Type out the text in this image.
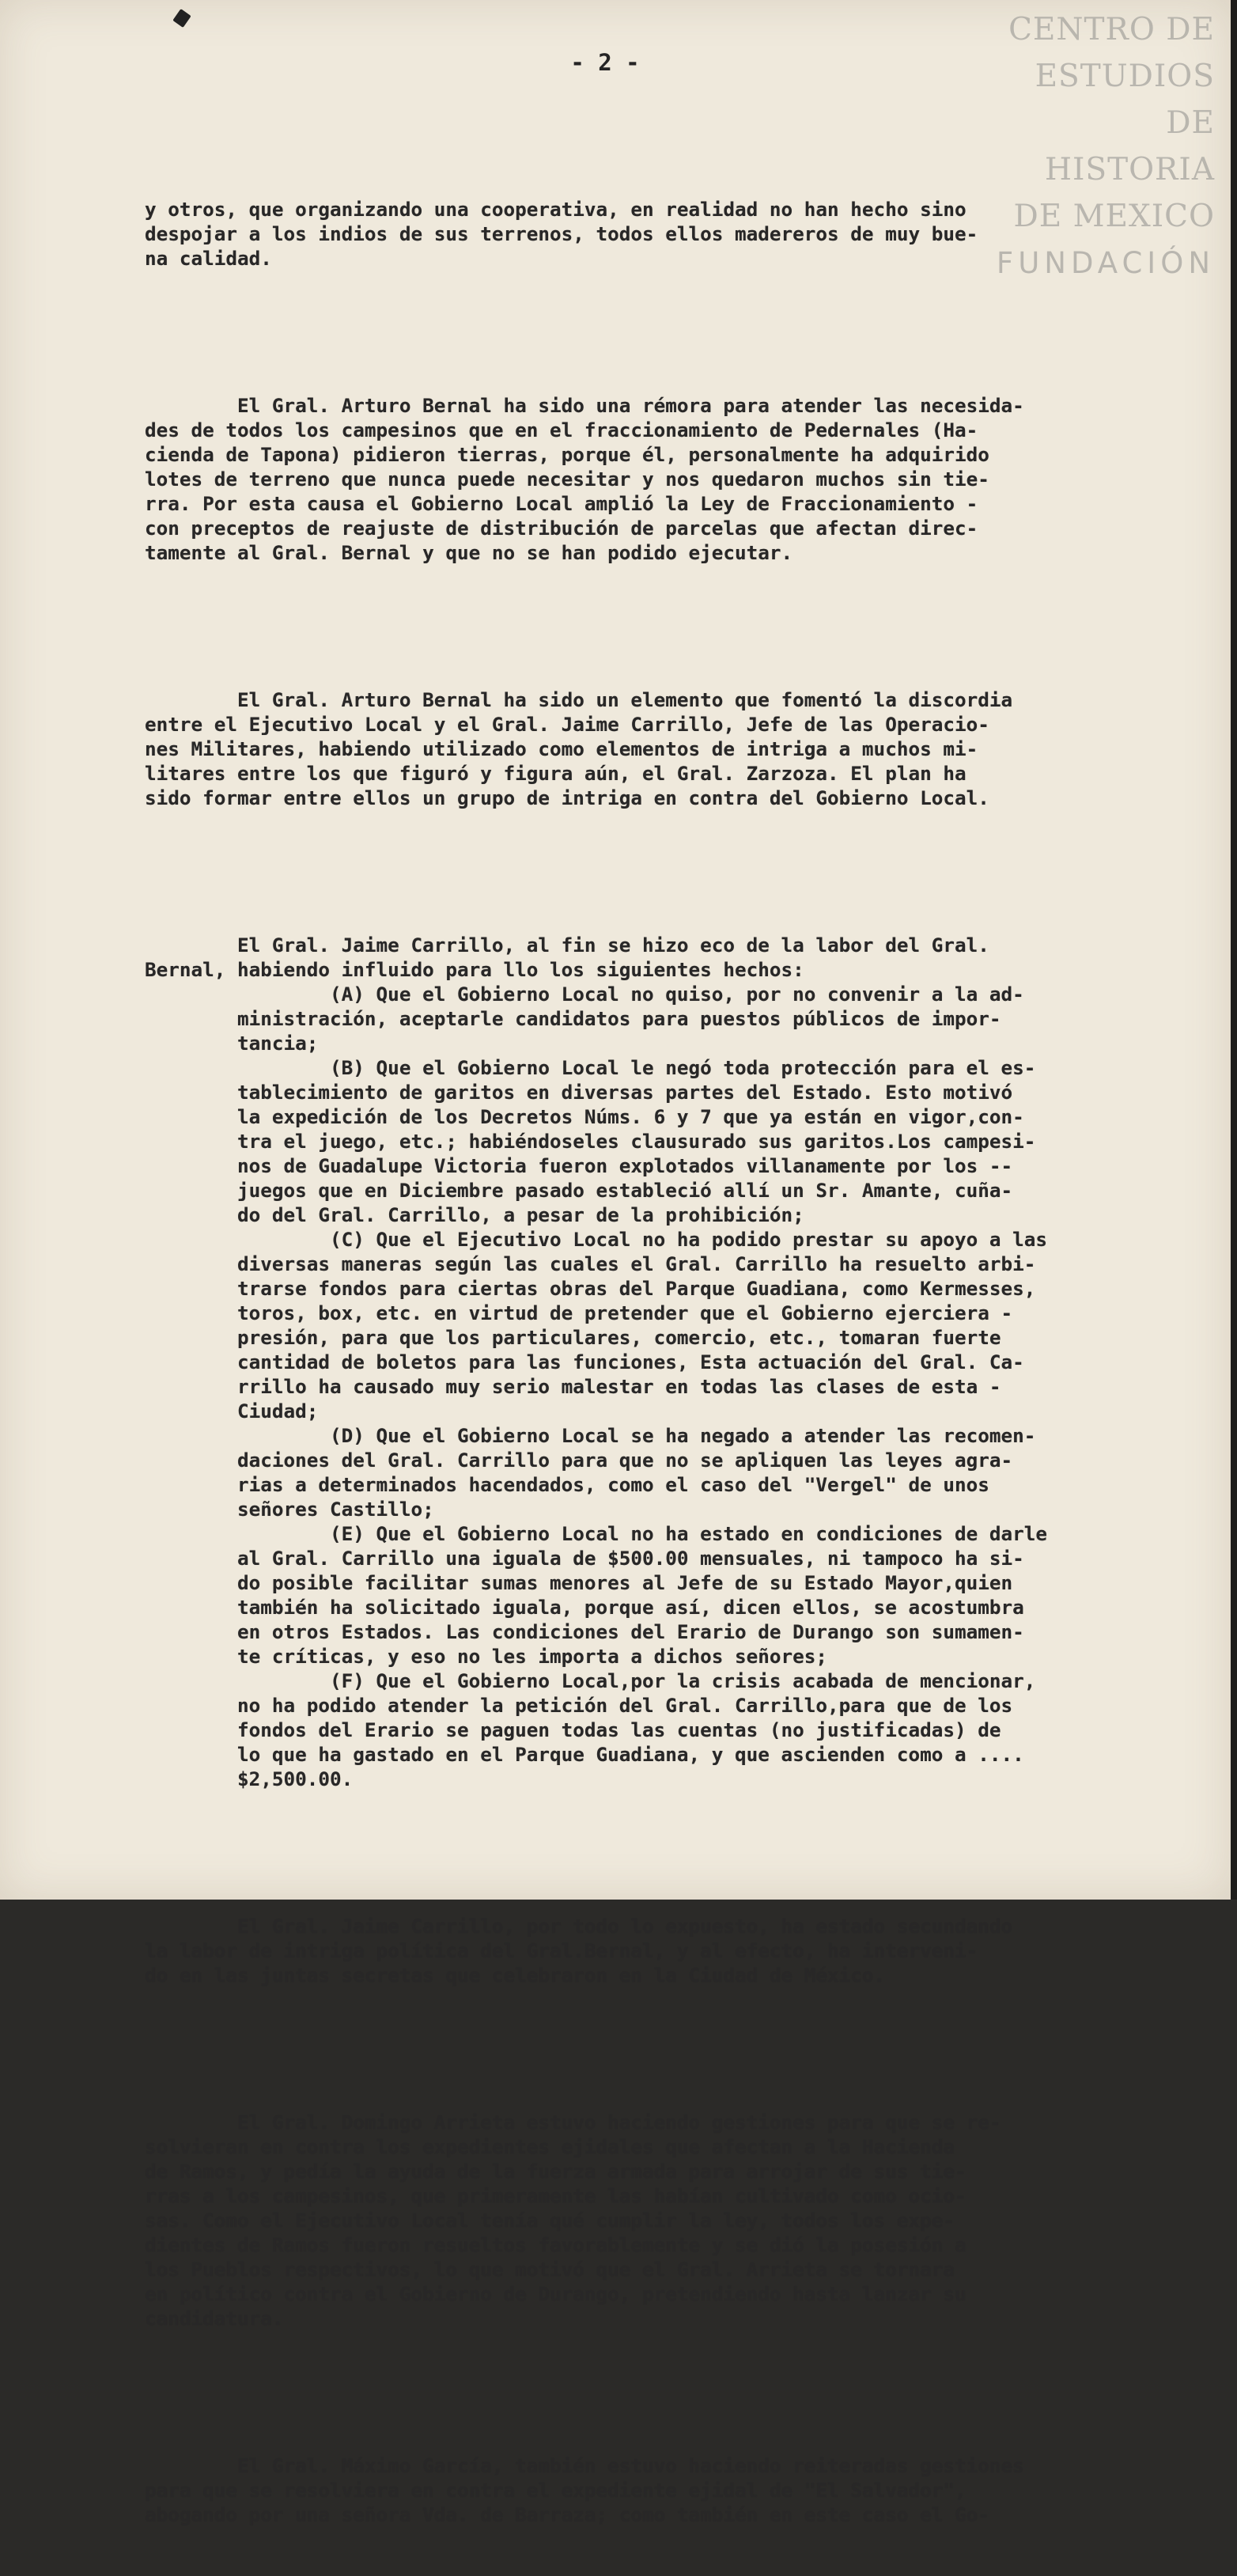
CENTRO DE
ESTUDIOS
DE HISTORIA
DE MEXICO
FUNDACIÓN
- 2 -

y otros, que organizando una cooperativa, en realidad no han hecho sino
despojar a los indios de sus terrenos, todos ellos madereros de muy bue-
na calidad.

El Gral. Arturo Bernal ha sido una rémora para atender las necesida-
des de todos los campesinos que en el fraccionamiento de Pedernales (Ha-
cienda de Tapona) pidieron tierras, porque él, personalmente ha adquirido
lotes de terreno que nunca puede necesitar y nos quedaron muchos sin tie-
rra. Por esta causa el Gobierno Local amplió la Ley de Fraccionamiento -
con preceptos de reajuste de distribución de parcelas que afectan direc-
tamente al Gral. Bernal y que no se han podido ejecutar.

El Gral. Arturo Bernal ha sido un elemento que fomentó la discordia
entre el Ejecutivo Local y el Gral. Jaime Carrillo, Jefe de las Operacio-
nes Militares, habiendo utilizado como elementos de intriga a muchos mi-
litares entre los que figuró y figura aún, el Gral. Zarzoza. El plan ha
sido formar entre ellos un grupo de intriga en contra del Gobierno Local.

El Gral. Jaime Carrillo, al fin se hizo eco de la labor del Gral.
Bernal, habiendo influido para llo los siguientes hechos:
(A) Que el Gobierno Local no quiso, por no convenir a la ad-
ministración, aceptarle candidatos para puestos públicos de impor-
tancia;
(B) Que el Gobierno Local le negó toda protección para el es-
tablecimiento de garitos en diversas partes del Estado. Esto motivó
la expedición de los Decretos Núms. 6 y 7 que ya están en vigor,con-
tra el juego, etc.; habiéndoseles clausurado sus garitos.Los campesi-
nos de Guadalupe Victoria fueron explotados villanamente por los --
juegos que en Diciembre pasado estableció allí un Sr. Amante, cuña-
do del Gral. Carrillo, a pesar de la prohibición;
(C) Que el Ejecutivo Local no ha podido prestar su apoyo a las
diversas maneras según las cuales el Gral. Carrillo ha resuelto arbi-
trarse fondos para ciertas obras del Parque Guadiana, como Kermesses,
toros, box, etc. en virtud de pretender que el Gobierno ejerciera -
presión, para que los particulares, comercio, etc., tomaran fuerte
cantidad de boletos para las funciones, Esta actuación del Gral. Ca-
rrillo ha causado muy serio malestar en todas las clases de esta -
Ciudad;
(D) Que el Gobierno Local se ha negado a atender las recomen-
daciones del Gral. Carrillo para que no se apliquen las leyes agra-
rias a determinados hacendados, como el caso del "Vergel" de unos
señores Castillo;
(E) Que el Gobierno Local no ha estado en condiciones de darle
al Gral. Carrillo una iguala de $500.00 mensuales, ni tampoco ha si-
do posible facilitar sumas menores al Jefe de su Estado Mayor,quien
también ha solicitado iguala, porque así, dicen ellos, se acostumbra
en otros Estados. Las condiciones del Erario de Durango son sumamen-
te críticas, y eso no les importa a dichos señores;
(F) Que el Gobierno Local,por la crisis acabada de mencionar,
no ha podido atender la petición del Gral. Carrillo,para que de los
fondos del Erario se paguen todas las cuentas (no justificadas) de
lo que ha gastado en el Parque Guadiana, y que ascienden como a ....
$2,500.00.

El Gral. Jaime Carrillo, por todo lo expuesto, ha estado secundando
la labor de intriga política del Gral.Bernal, y al efecto, ha interveni-
do en las juntas secretas que celebraron en la Ciudad de México.

El Gral. Domingo Arrieta estuvo haciendo gestiones para que se re-
solvieran en contra los expedientes ejidales que afectan a la Hacienda
de Ramos, y pedía la ayuda de la fuerza armada para arrojar de sus tie-
rras a los campesinos, que primeramente las habían cultivado como ocio-
sas. Como el Ejecutivo Local tenía qué cumplir la ley, todos los expe-
dientes de Ramos fueron resueltos favorablemente y se dió la posesión a
los Pueblos respectivos, lo que motivó que el Gral. Arrieta se tornara
en político contra el Gobierno de Durango, pretendiendo hasta lanzar su
candidatura.

El Gral. Máximo García, también estuvo haciendo reiteradas gestiones
para que se resolviera en contra el expediente ejidal de "El Salvador",
abogando por una señora Vda. de Barraza; como también en este caso el Go-
